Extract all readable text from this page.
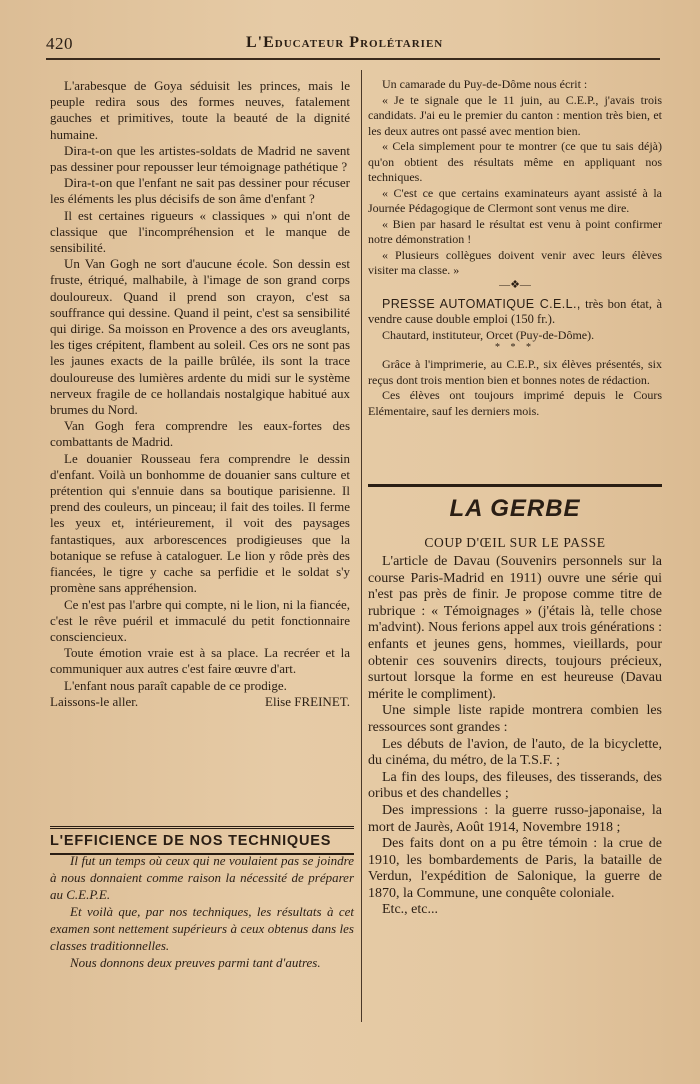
420	L'Educateur Prolétarien

L'arabesque de Goya séduisit les princes, mais le peuple redira sous des formes neuves, fatalement gauches et primitives, toute la beauté de la dignité humaine.

Dira-t-on que les artistes-soldats de Madrid ne savent pas dessiner pour repousser leur témoignage pathétique ?

Dira-t-on que l'enfant ne sait pas dessiner pour récuser les éléments les plus décisifs de son âme d'enfant ?

Il est certaines rigueurs « classiques » qui n'ont de classique que l'incompréhension et le manque de sensibilité.

Un Van Gogh ne sort d'aucune école. Son dessin est fruste, étriqué, malhabile, à l'image de son grand corps douloureux. Quand il prend son crayon, c'est sa souffrance qui dessine. Quand il peint, c'est sa sensibilité qui dirige. Sa moisson en Provence a des ors aveuglants, les tiges crépitent, flambent au soleil. Ces ors ne sont pas les jaunes exacts de la paille brûlée, ils sont la trace douloureuse des lumières ardente du midi sur le système nerveux fragile de ce hollandais nostalgique habitué aux brumes du Nord.

Van Gogh fera comprendre les eaux-fortes des combattants de Madrid.

Le douanier Rousseau fera comprendre le dessin d'enfant. Voilà un bonhomme de douanier sans culture et prétention qui s'ennuie dans sa boutique parisienne. Il prend des couleurs, un pinceau; il fait des toiles. Il ferme les yeux et, intérieurement, il voit des paysages fantastiques, aux arborescences prodigieuses que la botanique se refuse à cataloguer. Le lion y rôde près des fiancées, le tigre y cache sa perfidie et le soldat s'y promène sans appréhension.

Ce n'est pas l'arbre qui compte, ni le lion, ni la fiancée, c'est le rêve puéril et immaculé du petit fonctionnaire consciencieux.

Toute émotion vraie est à sa place. La recréer et la communiquer aux autres c'est faire œuvre d'art.

L'enfant nous paraît capable de ce prodige.

Laissons-le aller.	Elise FREINET.

L'EFFICIENCE DE NOS TECHNIQUES

Il fut un temps où ceux qui ne voulaient pas se joindre à nous donnaient comme raison la nécessité de préparer au C.E.P.E.

Et voilà que, par nos techniques, les résultats à cet examen sont nettement supérieurs à ceux obtenus dans les classes traditionnelles.

Nous donnons deux preuves parmi tant d'autres.

Un camarade du Puy-de-Dôme nous écrit :

« Je te signale que le 11 juin, au C.E.P., j'avais trois candidats. J'ai eu le premier du canton : mention très bien, et les deux autres ont passé avec mention bien.

« Cela simplement pour te montrer (ce que tu sais déjà) qu'on obtient des résultats même en appliquant nos techniques.

« C'est ce que certains examinateurs ayant assisté à la Journée Pédagogique de Clermont sont venus me dire.

« Bien par hasard le résultat est venu à point confirmer notre démonstration !

« Plusieurs collègues doivent venir avec leurs élèves visiter ma classe. »

—❖—

PRESSE AUTOMATIQUE C.E.L., très bon état, à vendre cause double emploi (150 fr.).

Chautard, instituteur, Orcet (Puy-de-Dôme).

* * *

Grâce à l'imprimerie, au C.E.P., six élèves présentés, six reçus dont trois mention bien et bonnes notes de rédaction.

Ces élèves ont toujours imprimé depuis le Cours Elémentaire, sauf les derniers mois.

LA GERBE
COUP D'ŒIL SUR LE PASSE

L'article de Davau (Souvenirs personnels sur la course Paris-Madrid en 1911) ouvre une série qui n'est pas près de finir. Je propose comme titre de rubrique : « Témoignages » (j'étais là, telle chose m'advint). Nous ferions appel aux trois générations : enfants et jeunes gens, hommes, vieillards, pour obtenir ces souvenirs directs, toujours précieux, surtout lorsque la forme en est heureuse (Davau mérite le compliment).

Une simple liste rapide montrera combien les ressources sont grandes :

Les débuts de l'avion, de l'auto, de la bicyclette, du cinéma, du métro, de la T.S.F. ;

La fin des loups, des fileuses, des tisserands, des oribus et des chandelles ;

Des impressions : la guerre russo-japonaise, la mort de Jaurès, Août 1914, Novembre 1918 ;

Des faits dont on a pu être témoin : la crue de 1910, les bombardements de Paris, la bataille de Verdun, l'expédition de Salonique, la guerre de 1870, la Commune, une conquête coloniale.

Etc., etc...
